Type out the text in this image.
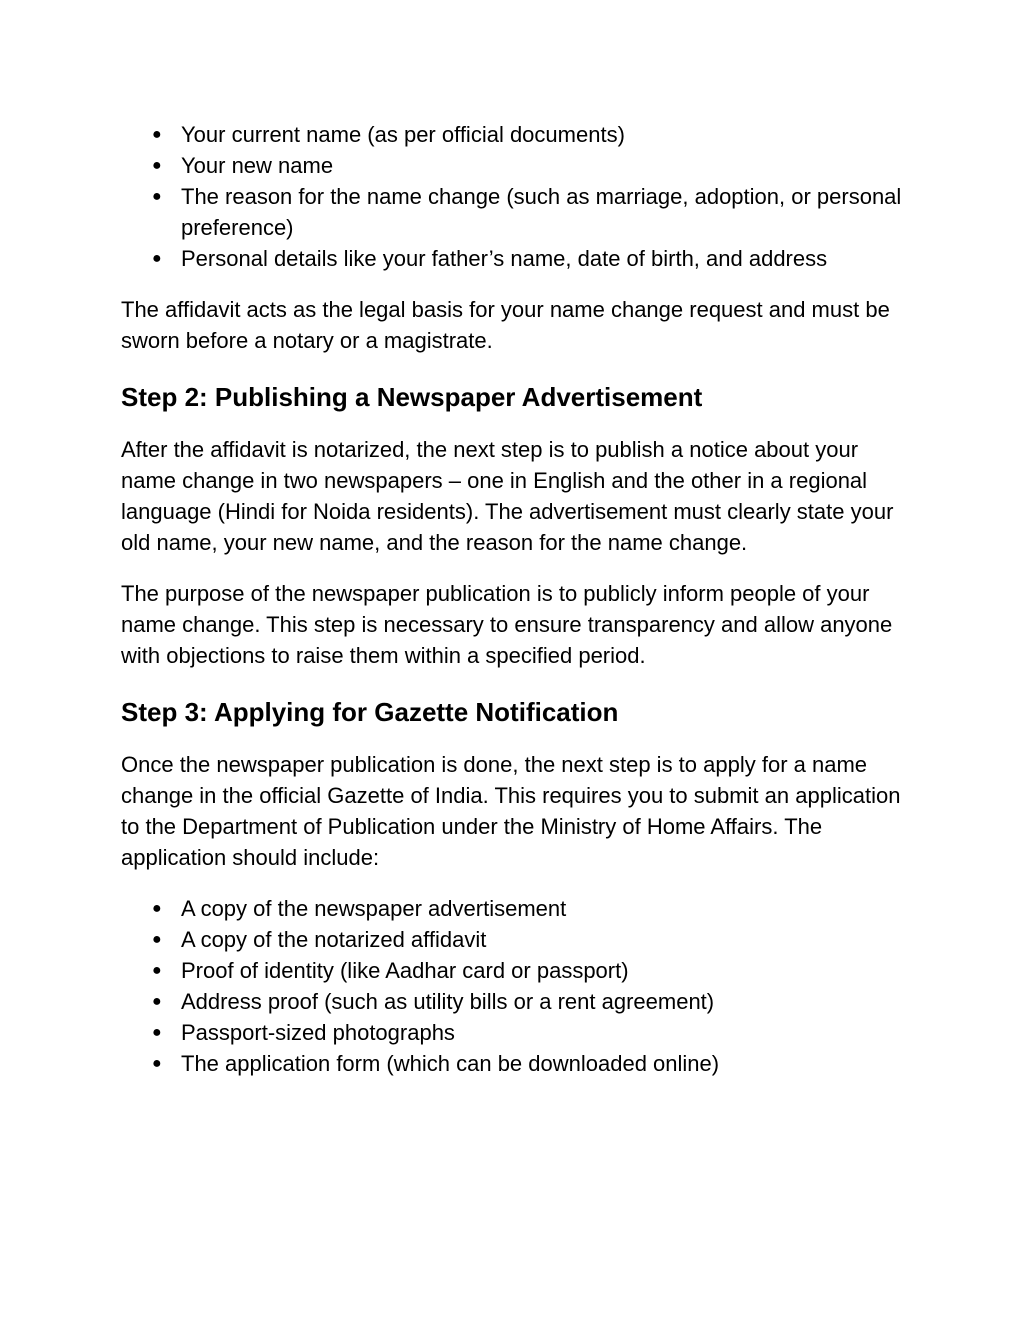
● Your current name (as per official documents)
● Your new name
● The reason for the name change (such as marriage, adoption, or personal preference)
● Personal details like your father’s name, date of birth, and address

The affidavit acts as the legal basis for your name change request and must be sworn before a notary or a magistrate.

Step 2: Publishing a Newspaper Advertisement

After the affidavit is notarized, the next step is to publish a notice about your name change in two newspapers – one in English and the other in a regional language (Hindi for Noida residents). The advertisement must clearly state your old name, your new name, and the reason for the name change.

The purpose of the newspaper publication is to publicly inform people of your name change. This step is necessary to ensure transparency and allow anyone with objections to raise them within a specified period.

Step 3: Applying for Gazette Notification

Once the newspaper publication is done, the next step is to apply for a name change in the official Gazette of India. This requires you to submit an application to the Department of Publication under the Ministry of Home Affairs. The application should include:

● A copy of the newspaper advertisement
● A copy of the notarized affidavit
● Proof of identity (like Aadhar card or passport)
● Address proof (such as utility bills or a rent agreement)
● Passport-sized photographs
● The application form (which can be downloaded online)
